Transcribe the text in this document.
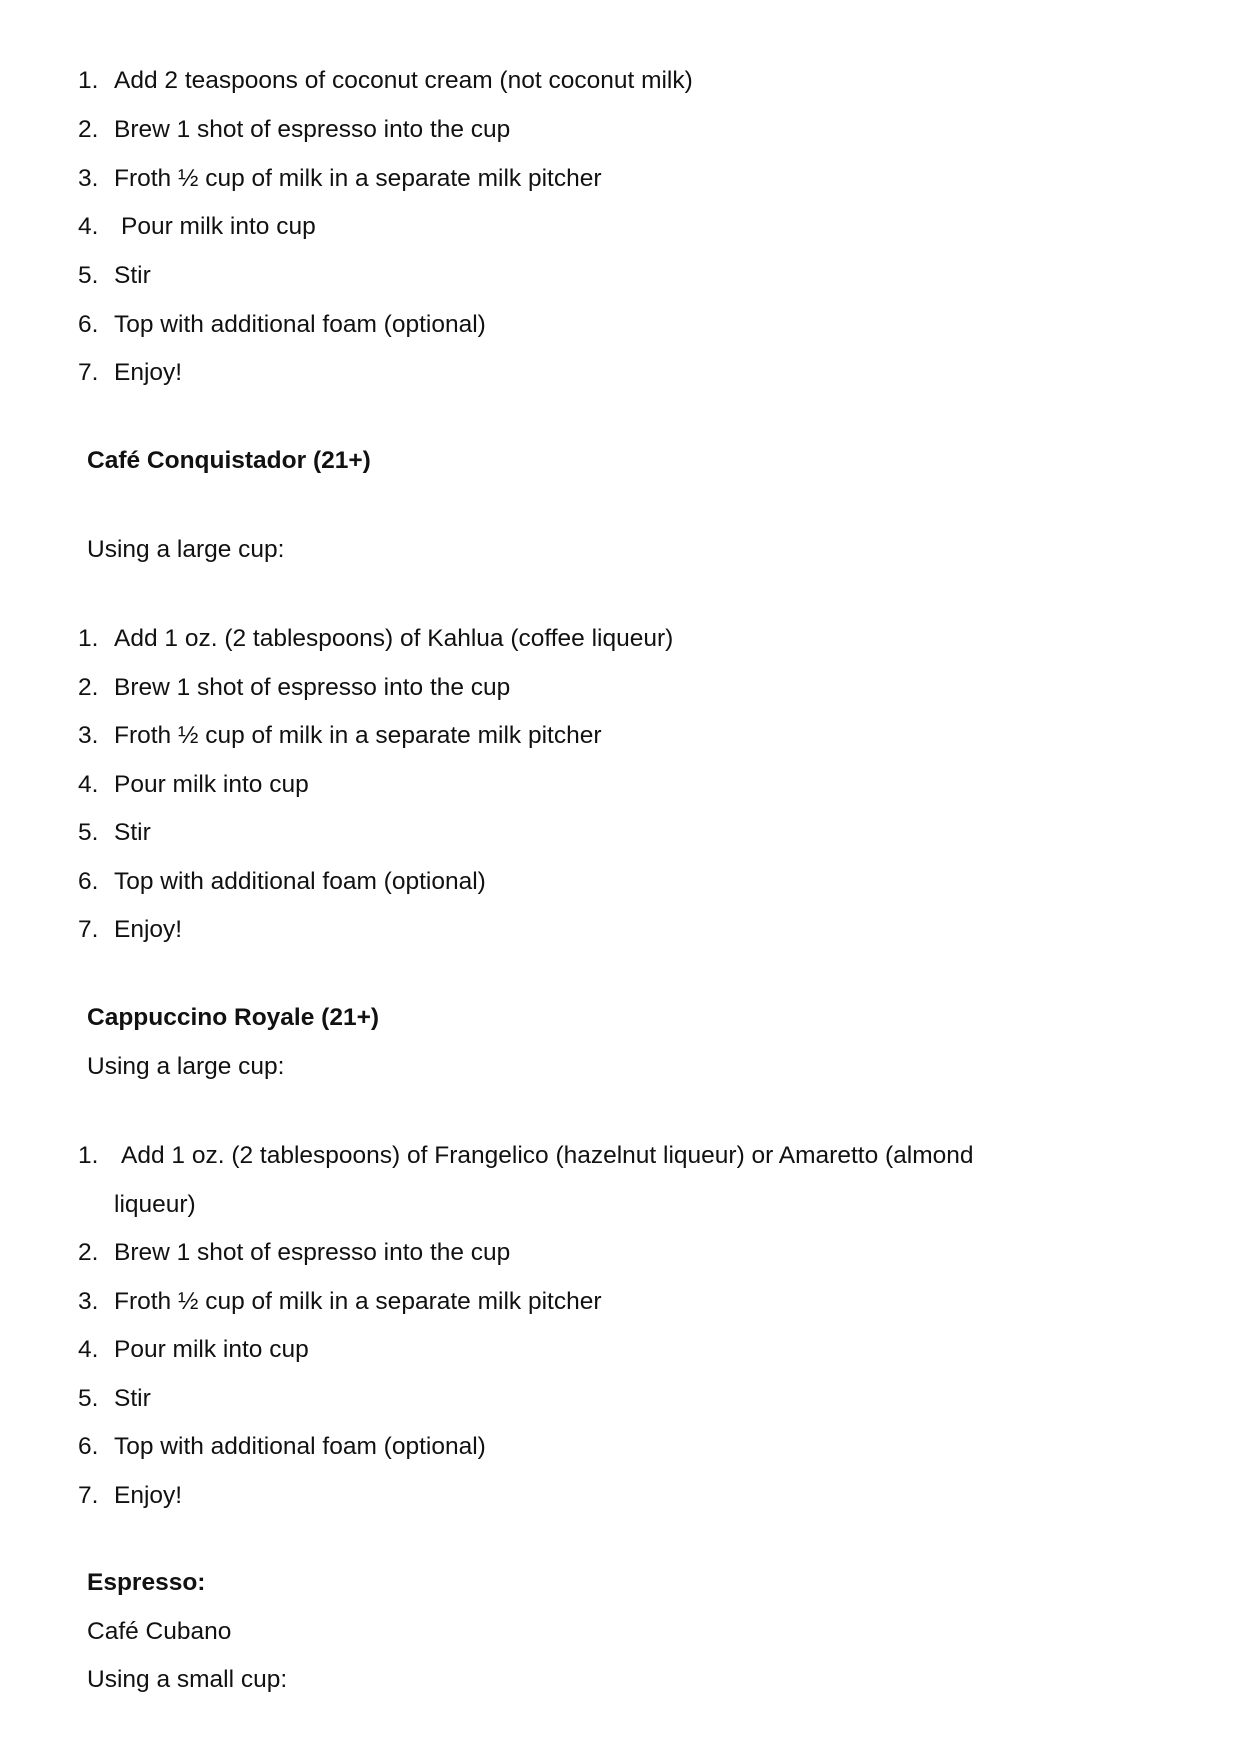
1. Add 2 teaspoons of coconut cream (not coconut milk)
2. Brew 1 shot of espresso into the cup
3. Froth ½ cup of milk in a separate milk pitcher
4. Pour milk into cup
5. Stir
6. Top with additional foam (optional)
7. Enjoy!
Café Conquistador (21+)
Using a large cup:
1. Add 1 oz. (2 tablespoons) of Kahlua (coffee liqueur)
2. Brew 1 shot of espresso into the cup
3. Froth ½ cup of milk in a separate milk pitcher
4. Pour milk into cup
5. Stir
6. Top with additional foam (optional)
7. Enjoy!
Cappuccino Royale (21+)
Using a large cup:
1. Add 1 oz. (2 tablespoons) of Frangelico (hazelnut liqueur) or Amaretto (almond
liqueur)
2. Brew 1 shot of espresso into the cup
3. Froth ½ cup of milk in a separate milk pitcher
4. Pour milk into cup
5. Stir
6. Top with additional foam (optional)
7. Enjoy!
Espresso:
Café Cubano
Using a small cup:
